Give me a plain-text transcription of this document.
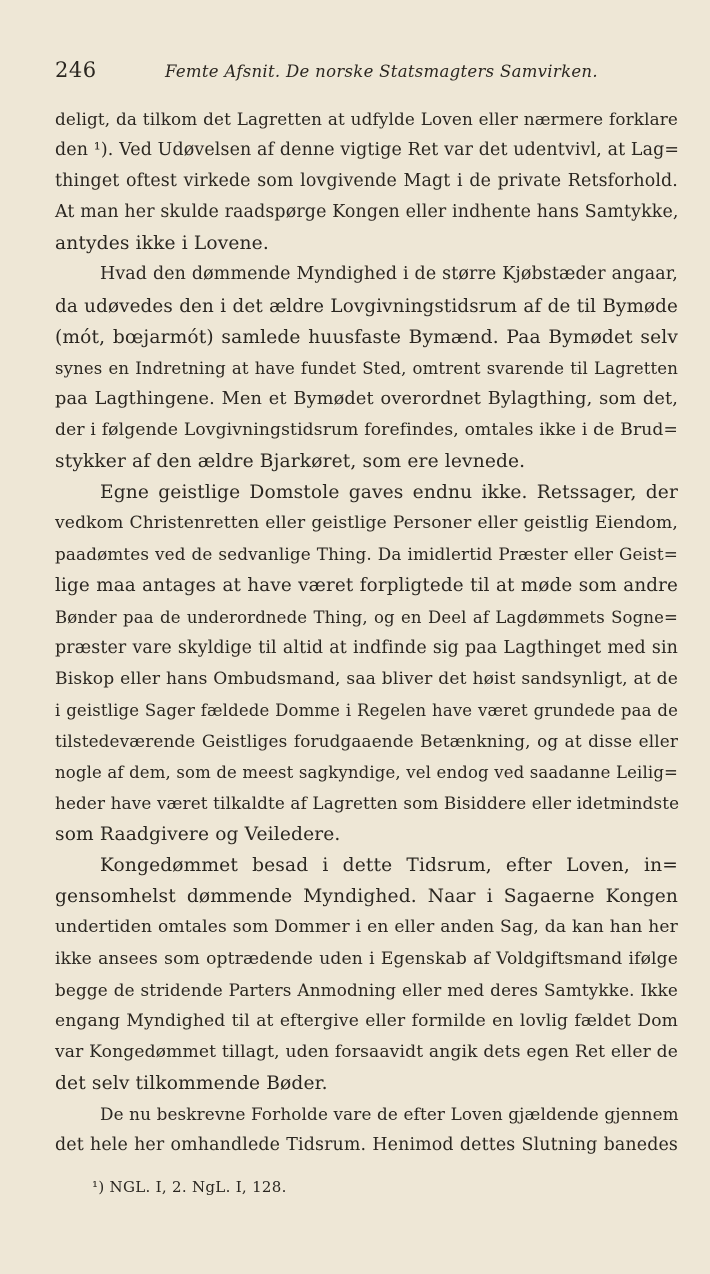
246	Femte Afsnit. De norske Statsmagters Samvirken.
deligt, da tilkom det Lagretten at udfylde Loven eller nærmere forklare
den ¹). Ved Udøvelsen af denne vigtige Ret var det udentvivl, at Lag=
thinget oftest virkede som lovgivende Magt i de private Retsforhold.
At man her skulde raadspørge Kongen eller indhente hans Samtykke,
antydes ikke i Lovene.
Hvad den dømmende Myndighed i de større Kjøbstæder angaar,
da udøvedes den i det ældre Lovgivningstidsrum af de til Bymøde
(mót, bœjarmót) samlede huusfaste Bymænd. Paa Bymødet selv
synes en Indretning at have fundet Sted, omtrent svarende til Lagretten
paa Lagthingene. Men et Bymødet overordnet Bylagthing, som det,
der i følgende Lovgivningstidsrum forefindes, omtales ikke i de Brud=
stykker af den ældre Bjarkøret, som ere levnede.
Egne geistlige Domstole gaves endnu ikke. Retssager, der
vedkom Christenretten eller geistlige Personer eller geistlig Eiendom,
paadømtes ved de sedvanlige Thing. Da imidlertid Præster eller Geist=
lige maa antages at have været forpligtede til at møde som andre
Bønder paa de underordnede Thing, og en Deel af Lagdømmets Sogne=
præster vare skyldige til altid at indfinde sig paa Lagthinget med sin
Biskop eller hans Ombudsmand, saa bliver det høist sandsynligt, at de
i geistlige Sager fældede Domme i Regelen have været grundede paa de
tilstedeværende Geistliges forudgaaende Betænkning, og at disse eller
nogle af dem, som de meest sagkyndige, vel endog ved saadanne Leilig=
heder have været tilkaldte af Lagretten som Bisiddere eller idetmindste
som Raadgivere og Veiledere.
Kongedømmet besad i dette Tidsrum, efter Loven, in=
gensomhelst dømmende Myndighed. Naar i Sagaerne Kongen
undertiden omtales som Dommer i en eller anden Sag, da kan han her
ikke ansees som optrædende uden i Egenskab af Voldgiftsmand ifølge
begge de stridende Parters Anmodning eller med deres Samtykke. Ikke
engang Myndighed til at eftergive eller formilde en lovlig fældet Dom
var Kongedømmet tillagt, uden forsaavidt angik dets egen Ret eller de
det selv tilkommende Bøder.
De nu beskrevne Forholde vare de efter Loven gjældende gjennem
det hele her omhandlede Tidsrum. Henimod dettes Slutning banedes
¹) NGL. I, 2. NgL. I, 128.
